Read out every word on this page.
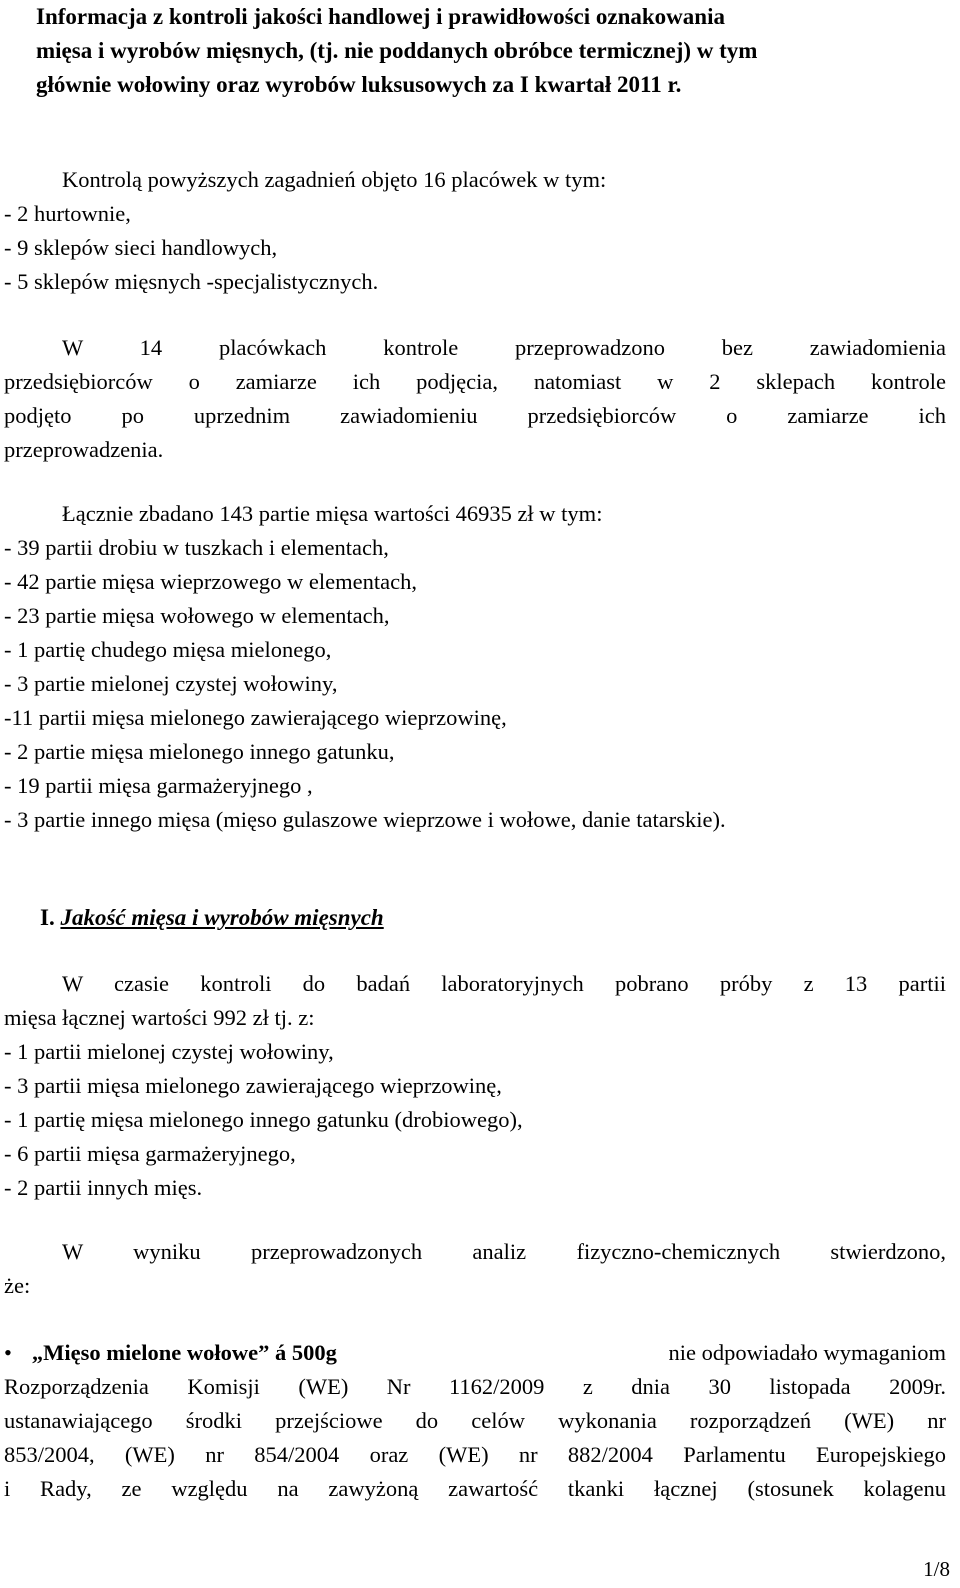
Informacja z kontroli jakości handlowej i prawidłowości oznakowania
mięsa i wyrobów mięsnych, (tj. nie poddanych obróbce termicznej) w tym
głównie wołowiny oraz wyrobów luksusowych za I kwartał 2011 r.
Kontrolą powyższych zagadnień objęto 16 placówek w tym:
- 2 hurtownie,
- 9 sklepów sieci handlowych,
- 5 sklepów mięsnych -specjalistycznych.
W 14 placówkach kontrole przeprowadzono bez zawiadomienia
przedsiębiorców o zamiarze ich podjęcia, natomiast w 2 sklepach kontrole
podjęto po uprzednim zawiadomieniu przedsiębiorców o zamiarze ich
przeprowadzenia.
Łącznie zbadano 143 partie mięsa wartości 46935 zł w tym:
- 39 partii drobiu w tuszkach i elementach,
- 42 partie mięsa wieprzowego w elementach,
- 23 partie mięsa wołowego w elementach,
- 1 partię chudego mięsa mielonego,
- 3 partie mielonej czystej wołowiny,
-11 partii mięsa mielonego zawierającego wieprzowinę,
- 2 partie mięsa mielonego innego gatunku,
- 19 partii mięsa garmażeryjnego ,
- 3 partie innego mięsa (mięso gulaszowe wieprzowe i wołowe, danie tatarskie).
I. Jakość mięsa i wyrobów mięsnych
W czasie kontroli do badań laboratoryjnych pobrano próby z 13 partii
mięsa łącznej wartości 992 zł tj. z:
- 1 partii mielonej czystej wołowiny,
- 3 partii mięsa mielonego zawierającego wieprzowinę,
- 1 partię mięsa mielonego innego gatunku (drobiowego),
- 6 partii mięsa garmażeryjnego,
- 2 partii innych mięs.
W wyniku przeprowadzonych analiz fizyczno-chemicznych stwierdzono,
że:
• „Mięso mielone wołowe” á 500g	nie odpowiadało wymaganiom
Rozporządzenia Komisji (WE) Nr 1162/2009 z dnia 30 listopada 2009r.
ustanawiającego środki przejściowe do celów wykonania rozporządzeń (WE) nr
853/2004, (WE) nr 854/2004 oraz (WE) nr 882/2004 Parlamentu Europejskiego
i Rady, ze względu na zawyżoną zawartość tkanki łącznej (stosunek kolagenu
1/8
